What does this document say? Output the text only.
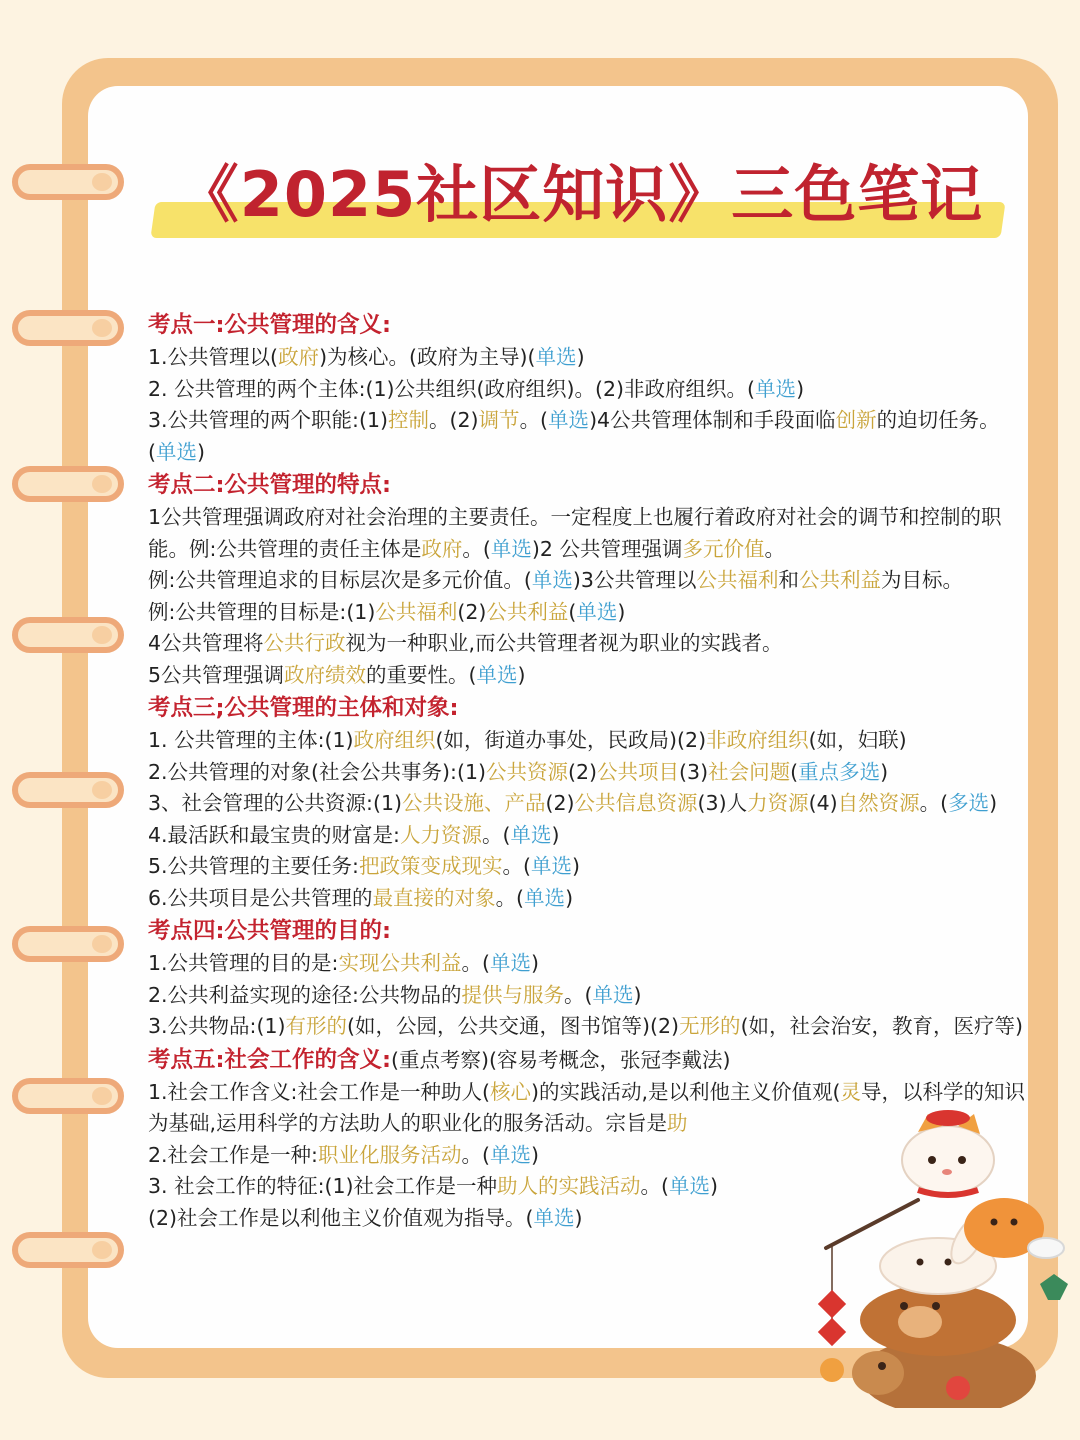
《2025社区知识》三色笔记

考点一:公共管理的含义:

1.公共管理以(政府)为核心。(政府为主导)(单选)

2. 公共管理的两个主体:(1)公共组织(政府组织)。(2)非政府组织。(单选)

3.公共管理的两个职能:(1)控制。(2)调节。(单选)4公共管理体制和手段面临创新的迫切任务。(单选)

考点二:公共管理的特点:

1公共管理强调政府对社会治理的主要责任。一定程度上也履行着政府对社会的调节和控制的职能。例:公共管理的责任主体是政府。(单选)2 公共管理强调多元价值。

例:公共管理追求的目标层次是多元价值。(单选)3公共管理以公共福利和公共利益为目标。

例:公共管理的目标是:(1)公共福利(2)公共利益(单选)

4公共管理将公共行政视为一种职业,而公共管理者视为职业的实践者。

5公共管理强调政府绩效的重要性。(单选)

考点三;公共管理的主体和对象:

1. 公共管理的主体:(1)政府组织(如，街道办事处，民政局)(2)非政府组织(如，妇联)

2.公共管理的对象(社会公共事务):(1)公共资源(2)公共项目(3)社会问题(重点多选)

3、社会管理的公共资源:(1)公共设施、产品(2)公共信息资源(3)人力资源(4)自然资源。(多选)

4.最活跃和最宝贵的财富是:人力资源。(单选)

5.公共管理的主要任务:把政策变成现实。(单选)

6.公共项目是公共管理的最直接的对象。(单选)

考点四:公共管理的目的:

1.公共管理的目的是:实现公共利益。(单选)

2.公共利益实现的途径:公共物品的提供与服务。(单选)

3.公共物品:(1)有形的(如，公园，公共交通，图书馆等)(2)无形的(如，社会治安，教育，医疗等)

考点五:社会工作的含义:(重点考察)(容易考概念，张冠李戴法)

1.社会工作含义:社会工作是一种助人(核心)的实践活动,是以利他主义价值观(灵导，以科学的知识为基础,运用科学的方法助人的职业化的服务活动。宗旨是助

2.社会工作是一种:职业化服务活动。(单选)

3. 社会工作的特征:(1)社会工作是一种助人的实践活动。(单选)

(2)社会工作是以利他主义价值观为指导。(单选)
